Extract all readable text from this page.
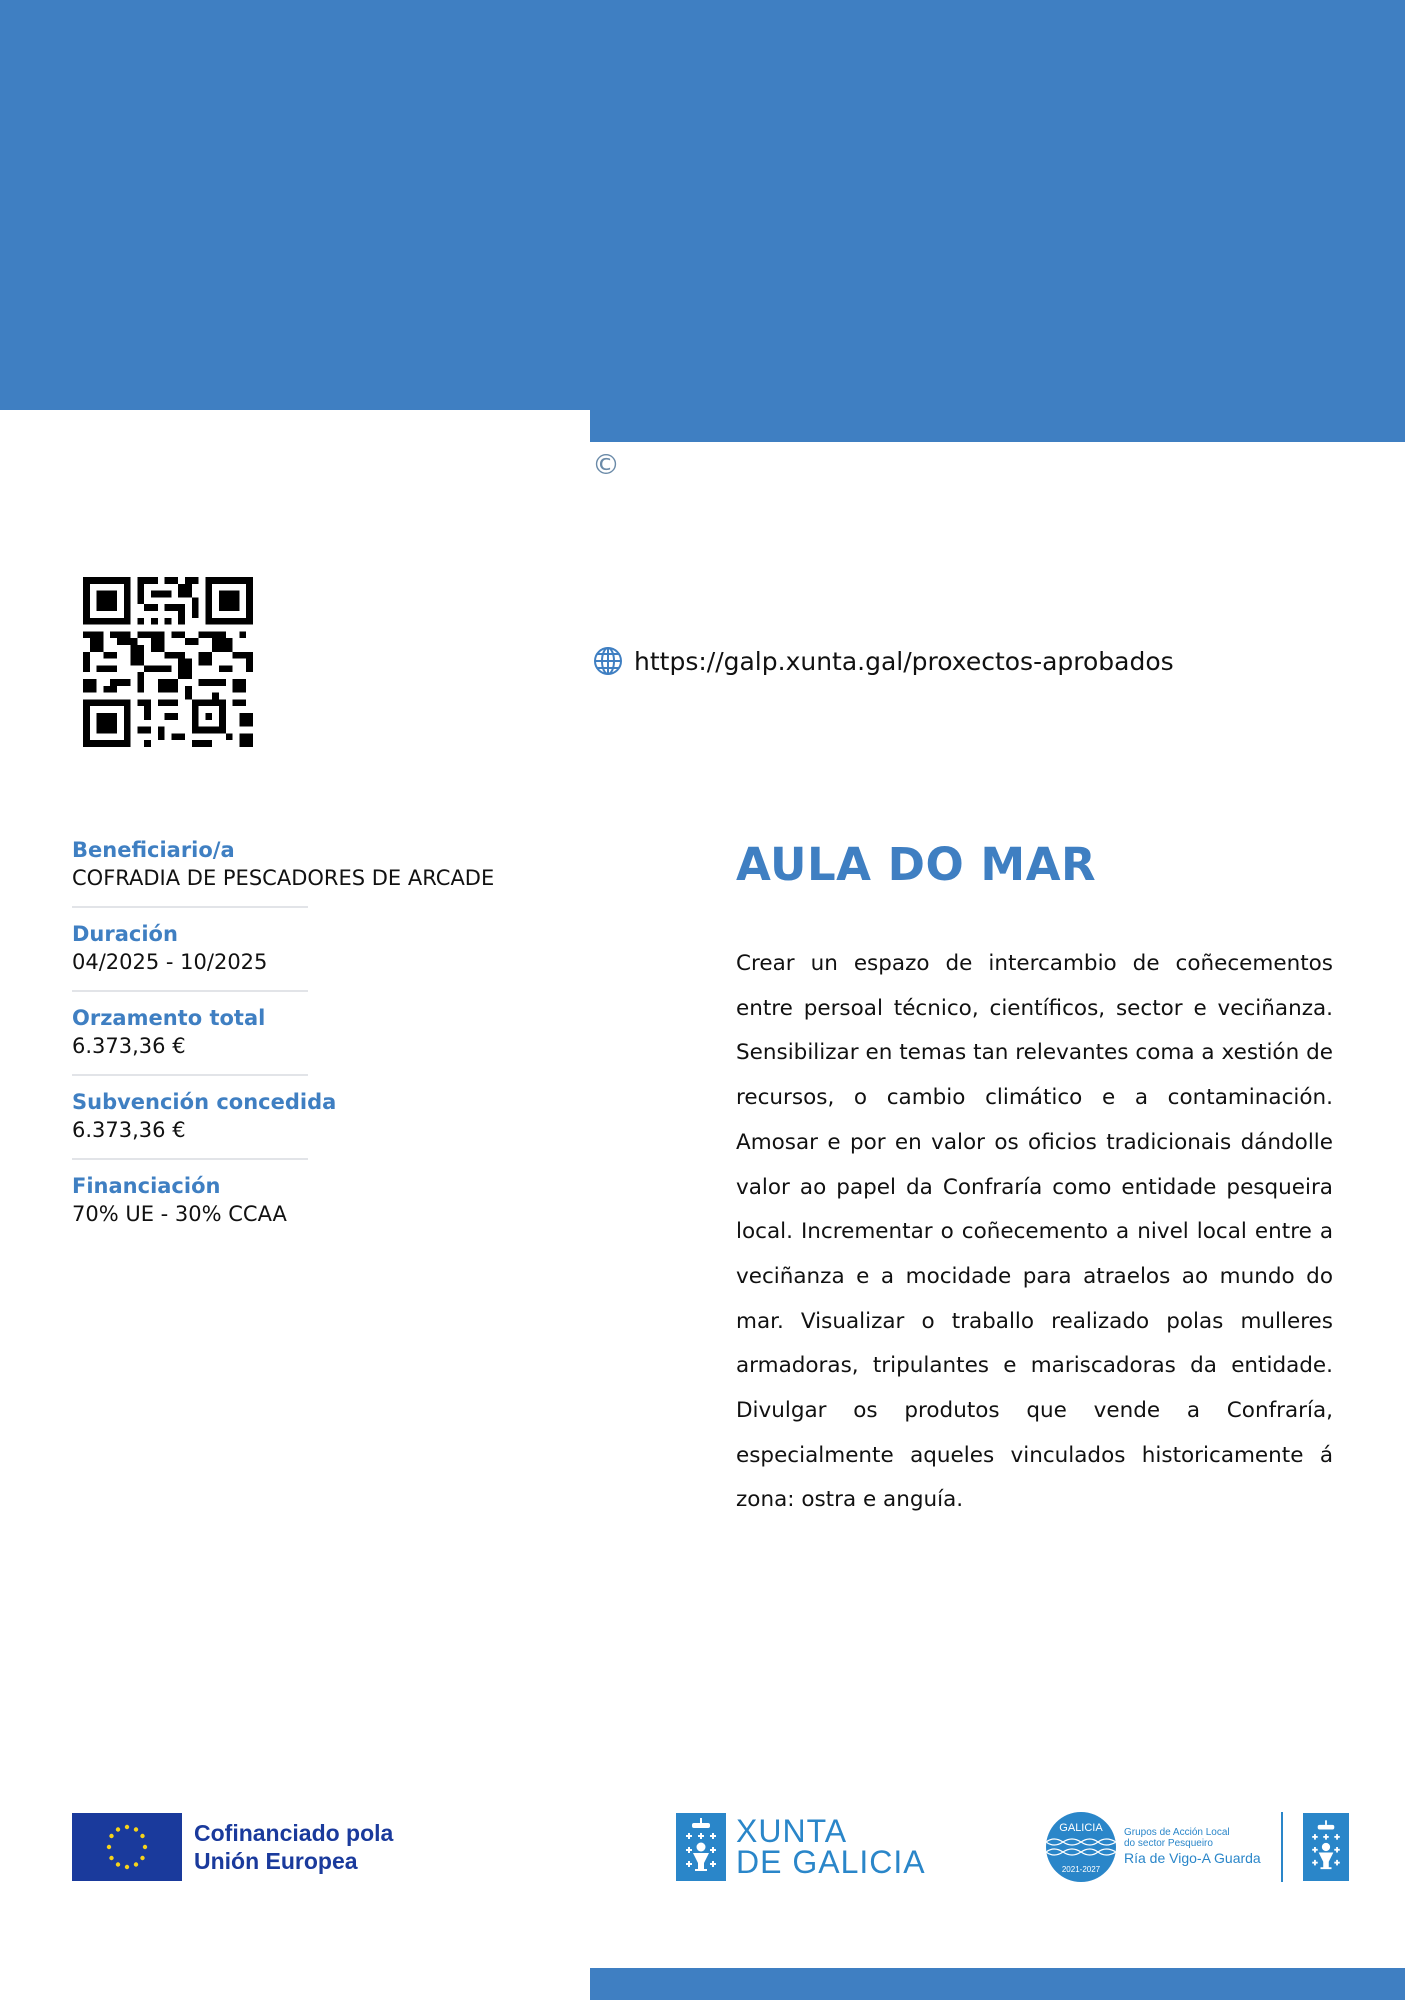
©
https://galp.xunta.gal/proxectos-aprobados
Beneficiario/a
COFRADIA DE PESCADORES DE ARCADE
Duración
04/2025 - 10/2025
Orzamento total
6.373,36 €
Subvención concedida
6.373,36 €
Financiación
70% UE - 30% CCAA
AULA DO MAR
Crear un espazo de intercambio de coñecementos entre persoal técnico, científicos, sector e veciñanza. Sensibilizar en temas tan relevantes coma a xestión de recursos, o cambio climático e a contaminación. Amosar e por en valor os oficios tradicionais dándolle valor ao papel da Confraría como entidade pesqueira local. Incrementar o coñecemento a nivel local entre a veciñanza e a mocidade para atraelos ao mundo do mar. Visualizar o traballo realizado polas mulleres armadoras, tripulantes e mariscadoras da entidade. Divulgar os produtos que vende a Confraría, especialmente aqueles vinculados historicamente á zona: ostra e anguía.
Cofinanciado pola
Unión Europea
XUNTA
DE GALICIA
GALICIA
2021-2027
Grupos de Acción Local
do sector Pesqueiro
Ría de Vigo-A Guarda
